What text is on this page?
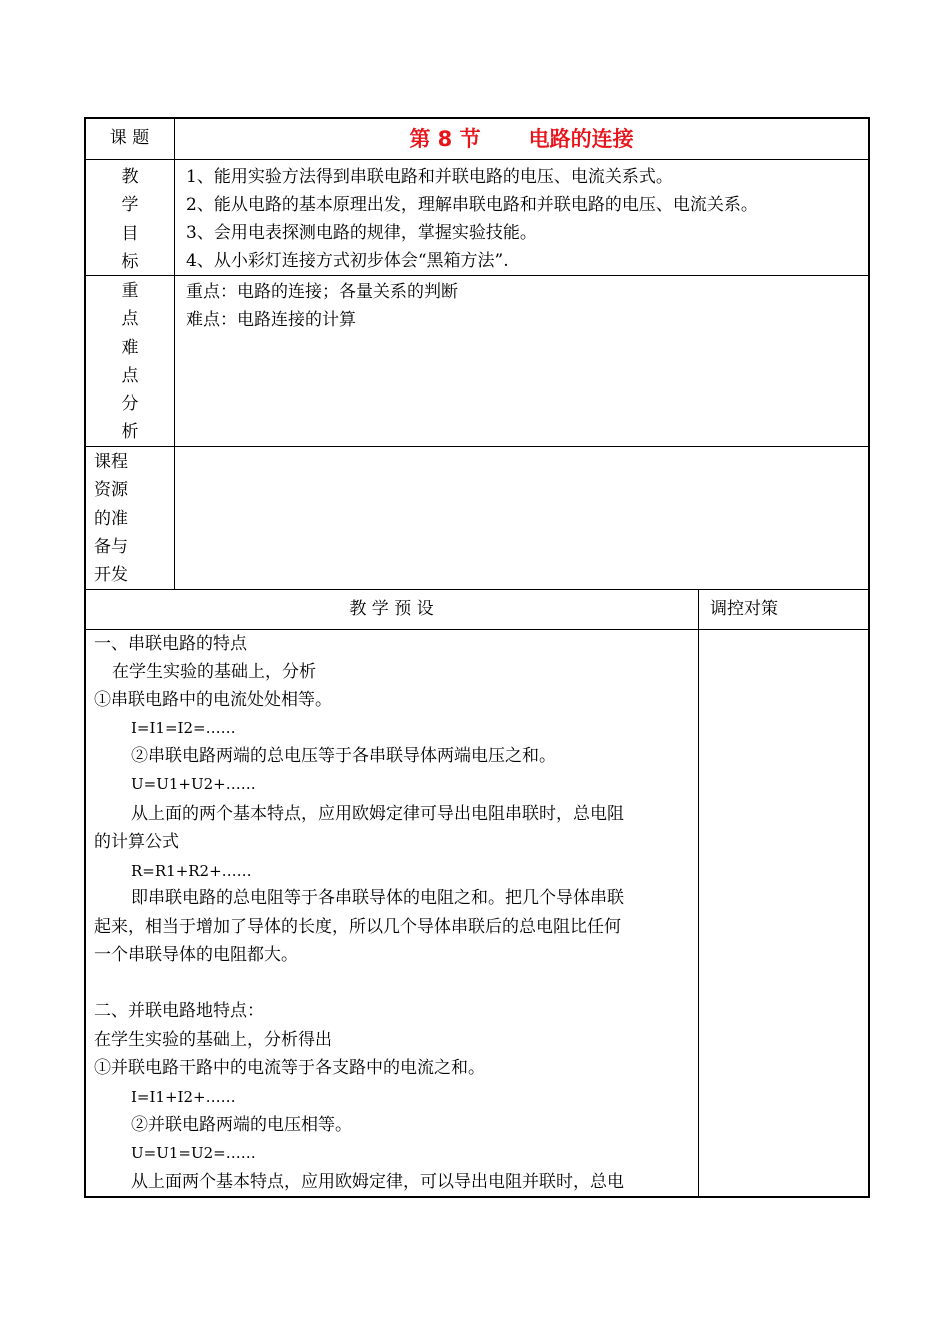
课 题	第 8 节 电路的连接
教
学
目
标
1、能用实验方法得到串联电路和并联电路的电压、电流关系式。
2、能从电路的基本原理出发，理解串联电路和并联电路的电压、电流关系。
3、会用电表探测电路的规律，掌握实验技能。
4、从小彩灯连接方式初步体会“黑箱方法”.
重
点
难
点
分
析
重点：电路的连接；各量关系的判断
难点：电路连接的计算
课程
资源
的准
备与
开发
教 学 预 设	调控对策
一、串联电路的特点
在学生实验的基础上，分析
①串联电路中的电流处处相等。
I=I1=I2=……
②串联电路两端的总电压等于各串联导体两端电压之和。
U=U1+U2+……
从上面的两个基本特点，应用欧姆定律可导出电阻串联时，总电阻
的计算公式
R=R1+R2+……
即串联电路的总电阻等于各串联导体的电阻之和。把几个导体串联
起来，相当于增加了导体的长度，所以几个导体串联后的总电阻比任何
一个串联导体的电阻都大。
二、并联电路地特点：
在学生实验的基础上，分析得出
①并联电路干路中的电流等于各支路中的电流之和。
I=I1+I2+……
②并联电路两端的电压相等。
U=U1=U2=……
从上面两个基本特点，应用欧姆定律，可以导出电阻并联时，总电
